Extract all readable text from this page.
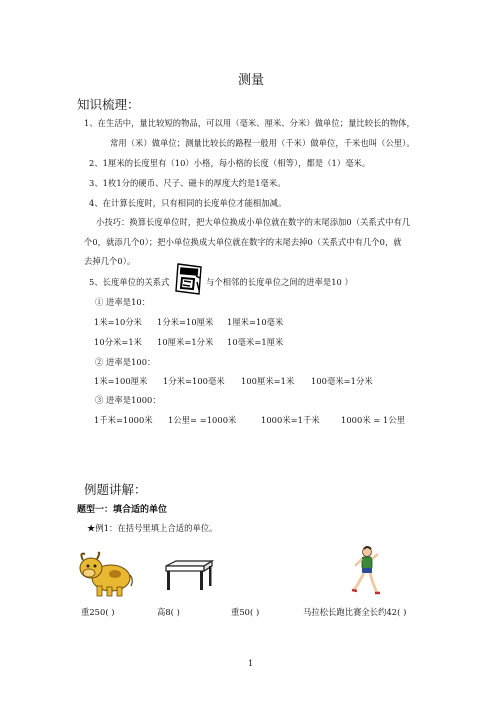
测量
知识梳理：
1、在生活中，量比较短的物品，可以用（毫米、厘米、分米）做单位；量比较长的物体，
常用（米）做单位；测量比较长的路程一般用（千米）做单位，千米也叫（公里）。
2、1厘米的长度里有（10）小格，每小格的长度（相等），都是（1）毫米。
3、1枚1分的硬币、尺子、磁卡的厚度大约是1毫米。
4、在计算长度时，只有相同的长度单位才能相加减。
小技巧：换算长度单位时，把大单位换成小单位就在数字的末尾添加0（关系式中有几
个0，就添几个0）；把小单位换成大单位就在数字的末尾去掉0（关系式中有几个0，就
去掉几个0）。
5、长度单位的关系式	与个相邻的长度单位之间的进率是10 ）
① 进率是10：
1米=10分米 1分米=10厘米 1厘米=10毫米
10分米=1米 10厘米=1分米 10毫米=1厘米
② 进率是100：
1米=100厘米 1分米=100毫米 100厘米=1米 100毫米=1分米
③ 进率是1000：
1千米=1000米 1公里= =1000米	1000米=1千米	1000米 = 1公里
例题讲解：
题型一：填合适的单位
★例1：在括号里填上合适的单位。
重250( )	高8( )	重50( )	马拉松长跑比赛全长约42( )
1
